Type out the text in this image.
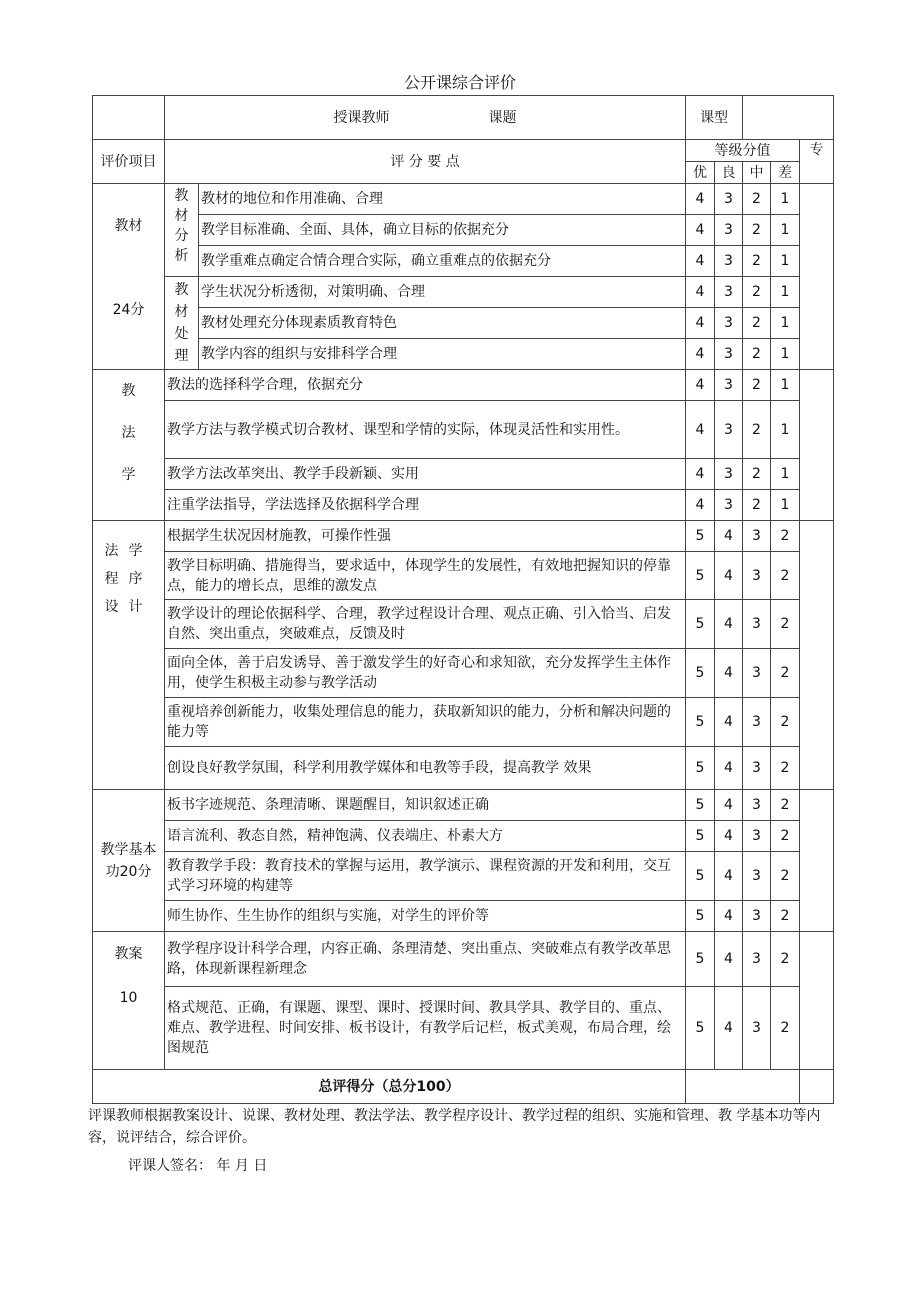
公开课综合评价
	授课教师 课题		课型				
评价项目	评 分 要 点		等级分值				专
			优	良	中	差	

教材
24分	教材分析	教材的地位和作用准确、合理	4	3	2	1	
		教学目标准确、全面、具体，确立目标的依据充分	4	3	2	1	
		教学重难点确定合情合理合实际，确立重难点的依据充分	4	3	2	1	
	教材处理	学生状况分析透彻，对策明确、合理	4	3	2	1	
		教材处理充分体现素质教育特色	4	3	2	1	
		教学内容的组织与安排科学合理	4	3	2	1	
教法学	教法的选择科学合理，依据充分		4	3	2	1	
	教学方法与教学模式切合教材、课型和学情的实际，体现灵活性和实用性。		4	3	2	1	
	教学方法改革突出、教学手段新颖、实用		4	3	2	1	
	注重学法指导，学法选择及依据科学合理		4	3	2	1	

法学程序设计	根据学生状况因材施教，可操作性强		5	4	3	2	
	教学目标明确、措施得当，要求适中，体现学生的发展性，有效地把握知识的停靠点，能力的增长点，思维的激发点		5	4	3	2	
	教学设计的理论依据科学、合理，教学过程设计合理、观点正确、引入恰当、启发自然、突出重点，突破难点，反馈及时		5	4	3	2	
	面向全体，善于启发诱导、善于激发学生的好奇心和求知欲，充分发挥学生主体作用，使学生积极主动参与教学活动		5	4	3	2	
	重视培养创新能力，收集处理信息的能力，获取新知识的能力，分析和解决问题的能力等		5	4	3	2	
	创设良好教学氛围，科学利用教学媒体和电教等手段，提高教学 效果		5	4	3	2	

教学基本功20分	板书字迹规范、条理清晰、课题醒目，知识叙述正确		5	4	3	2	
	语言流利、教态自然，精神饱满、仪表端庄、朴素大方		5	4	3	2	
	教育教学手段：教育技术的掌握与运用，教学演示、课程资源的开发和利用，交互式学习环境的构建等		5	4	3	2	
	师生协作、生生协作的组织与实施，对学生的评价等		5	4	3	2	
教案10	教学程序设计科学合理，内容正确、条理清楚、突出重点、突破难点有教学改革思路，体现新课程新理念		5	4	3	2	
	格式规范、正确，有课题、课型、课时、授课时间、教具学具、教学目的、重点、难点、教学进程、时间安排、板书设计，有教学后记栏，板式美观，布局合理，绘图规范		5	4	3	2	
总评得分（总分100）							
评课教师根据教案设计、说课、教材处理、教法学法、教学程序设计、教学过程的组织、实施和管理、教 学基本功等内容，说评结合，综合评价。
评课人签名： 年 月 日
